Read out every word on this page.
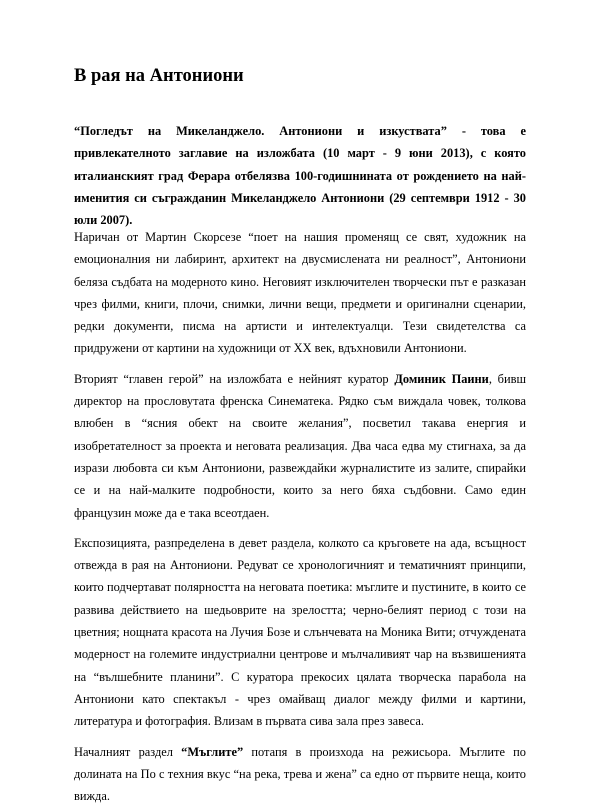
В рая на Антониони

“Погледът на Микеланджело. Антониони и изкуствата” - това е привлекателното заглавие на изложбата (10 март - 9 юни 2013), с която италианският град Ферара отбелязва 100-годишнината от рождението на най-именития си съгражданин Микеланджело Антониони (29 септември 1912 - 30 юли 2007).

Наричан от Мартин Скорсезе “поет на нашия променящ се свят, художник на емоционалния ни лабиринт, архитект на двусмислената ни реалност”, Антониони беляза съдбата на модерното кино. Неговият изключителен творчески път е разказан чрез филми, книги, плочи, снимки, лични вещи, предмети и оригинални сценарии, редки документи, писма на артисти и интелектуалци. Тези свидетелства са придружени от картини на художници от ХХ век, вдъхновили Антониони.

Вторият “главен герой” на изложбата е нейният куратор Доминик Паини, бивш директор на прословутата френска Синематека. Рядко съм виждала човек, толкова влюбен в “ясния обект на своите желания”, посветил такава енергия и изобретателност за проекта и неговата реализация. Два часа едва му стигнаха, за да изрази любовта си към Антониони, развеждайки журналистите из залите, спирайки се и на най-малките подробности, които за него бяха съдбовни. Само един французин може да е така всеотдаен.

Експозицията, разпределена в девет раздела, колкото са кръговете на ада, всъщност отвежда в рая на Антониони. Редуват се хронологичният и тематичният принципи, които подчертават полярността на неговата поетика: мъглите и пустините, в които се развива действието на шедьоврите на зрелостта; черно-белият период с този на цветния; нощната красота на Лучия Бозе и слънчевата на Моника Вити; отчуждената модерност на големите индустриални центрове и мълчаливият чар на възвишенията на “вълшебните планини”. С куратора прекосих цялата творческа парабола на Антониони като спектакъл - чрез омайващ диалог между филми и картини, литература и фотография. Влизам в първата сива зала през завеса.

Началният раздел “Мъглите” потапя в произхода на режисьора. Мъглите по долината на По с техния вкус “на река, трева и жена” са едно от първите неща, които вижда.
